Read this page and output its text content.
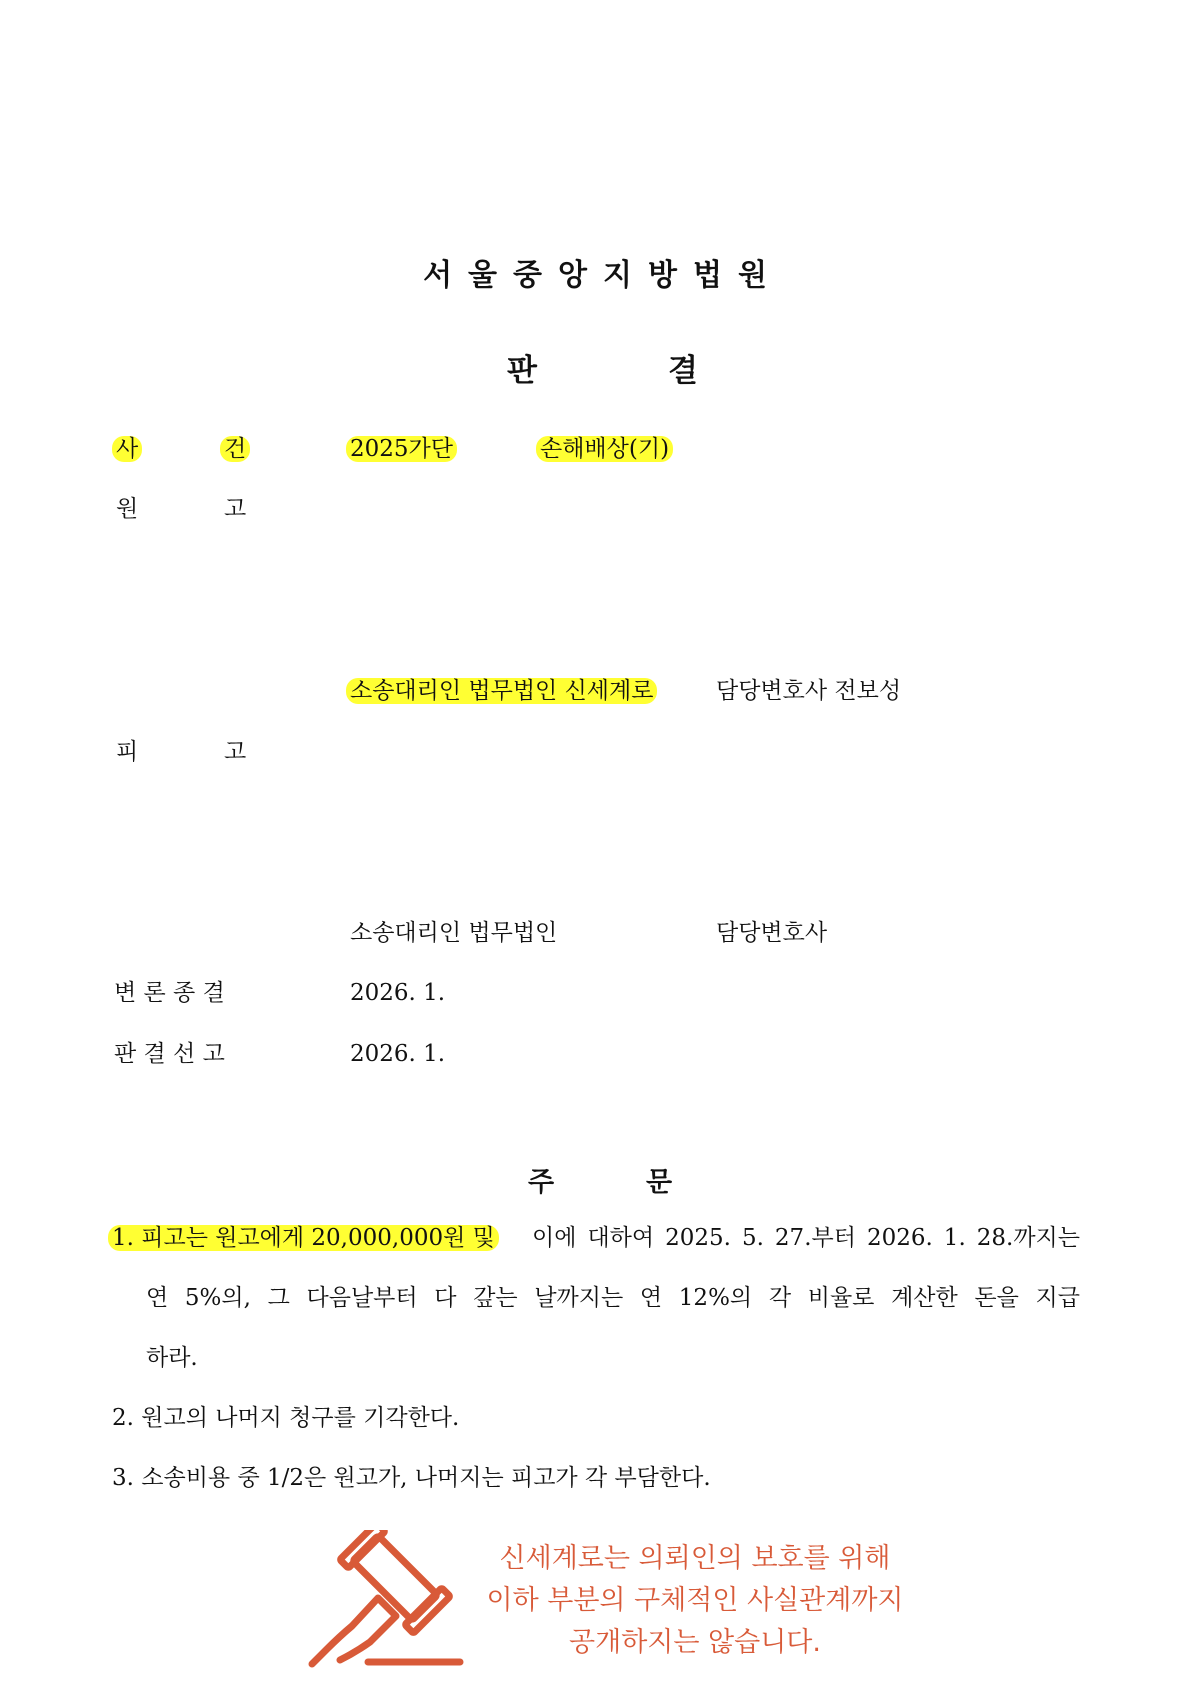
서울중앙지방법원
판	결
사	건	2025가단	손해배상(기)
원	고
소송대리인 법무법인 신세계로	담당변호사 전보성
피	고
소송대리인 법무법인	담당변호사
변 론 종 결	2026. 1.
판 결 선 고	2026. 1.
주	문
1. 피고는 원고에게 20,000,000원 및 이에 대하여 2025. 5. 27.부터 2026. 1. 28.까지는
연 5%의, 그 다음날부터 다 갚는 날까지는 연 12%의 각 비율로 계산한 돈을 지급
하라.
2. 원고의 나머지 청구를 기각한다.
3. 소송비용 중 1/2은 원고가, 나머지는 피고가 각 부담한다.
신세계로는 의뢰인의 보호를 위해
이하 부분의 구체적인 사실관계까지
공개하지는 않습니다.
